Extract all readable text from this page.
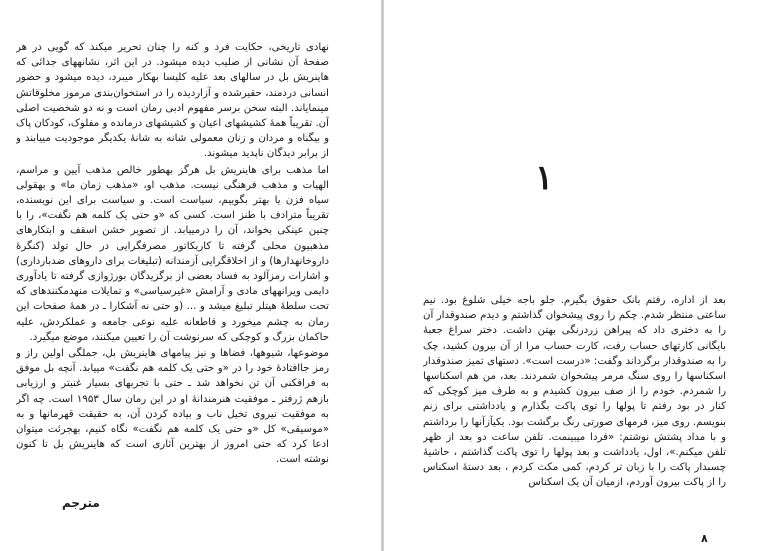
نهادی تاریخی، حکایت فرد و کنه را چنان تحریر میکند که گویی در هر صفحهٔ آن نشانی از صلیب دیده میشود. در این اثر، نشانههای جدائی که هاینریش بل در سالهای بعد علیه کلیسا بهکار میبرد، دیده میشود و حضور انسانی دردمند، حقیرشده و آزاردیده را در استخوان‌بندی مرموز مخلوقاتش مینمایاند. البته سخن برسر مفهوم ادبی رمان است و نه دو شخصیت اصلی آن. تقریباً همهٔ کشیشهای اعیان و کشیشهای درمانده و مفلوک، کودکان پاک و بیگناه و مردان و زنان معمولی شانه به شانهٔ یکدیگر موجودیت مییابند و از برابر دیدگان ناپدید میشوند.

اما مذهب برای هاینریش بل هرگز بهطور خالص مذهب آیین و مراسم، الهیات و مذهب فرهنگی نیست. مذهب او، «مذهب زمان ما» و بهقولی سیاه فزن یا بهتر بگوییم، سیاست است. و سیاست برای این نویسنده، تقریباً مترادف با طنز است. کسی که «و حتی یک کلمه هم نگفت»، را با چنین عینکی بخواند، آن را درمییابد. از تصویر خشن اسقف و ابتکارهای مذهبیون محلی گرفته تا کاریکاتور مصرفگرایی در حال تولد (کنگرهٔ داروخانهدارها) و از اخلاقگرایی آزمندانه (تبلیغات برای داروهای ضدبارداری) و اشارات رمزآلود به فساد بعضی از برگزیدگان بورژوازی گرفته تا یادآوری دایمی ویرانههای مادی و آرامش «غیرسیاسی» و تمایلات منهدمکنندهای که تحت سلطهٔ هیتلر تبلیغ میشد و ... (و حتی نه آشکارا ـ در همهٔ صفحات این رمان به چشم میخورد و قاطعانه علیه نوعی جامعه و عملکردش، علیه حاکمان بزرگ و کوچکی که سرنوشت آن را تعیین میکنند، موضع میگیرد.

موضوعها، شیوهها، فضاها و نیز پیامهای هاینریش بل، جملگی اولین راز و رمز جاافتادهٔ خود را در «و حتی یک کلمه هم نگفت» مییابد. آنچه بل موفق به فرافکنی آن تن نخواهد شد ـ حتی با تجربهای بسیار غنیتر و ارزیابی بازهم ژرفتر ـ موفقیت هنرمندانهٔ او در این رمان سال ۱۹۵۳ است. چه اگر به موفقیت نیروی تخیل ناب و بیاده کردن آن، به حقیقت قهرمانها و به «موسیقی» کل «و حتی یک کلمه هم نگفت» نگاه کنیم، بهجرئت میتوان ادعا کرد که حتی امروز از بهترین آثاری است که هاینریش بل تا کنون نوشته است.

مترجم
۱

بعد از اداره، رفتم بانک حقوق بگیرم. جلو باجه خیلی شلوغ بود. نیم ساعتی منتظر شدم. چکم را روی پیشخوان گذاشتم و دیدم صندوقدار آن را به دختری داد که پیراهن زردرنگی بهتن داشت. دختر سراغ جعبهٔ بایگانی کارتهای حساب رفت، کارت حساب مرا از آن بیرون کشید، چک را به صندوقدار برگرداند وگفت: «درست است». دستهای تمیز صندوقدار اسکناسها را روی سنگ مرمر پیشخوان شمردند. بعد، من هم اسکناسها را شمردم. خودم را از صف بیرون کشیدم و به طرف میز کوچکی که کنار در بود رفتم تا پولها را توی پاکت بگذارم و یادداشتی برای زنم بنویسم. روی میز، فرمهای صورتی رنگ برگشت بود. یکیآزآنها را برداشتم و با مداد پشتش نوشتم: «فردا میبینمت. تلفن ساعت دو بعد از ظهر تلفن میکنم.»، اول، یادداشت و بعد پولها را توی پاکت گذاشتم ، حاشیهٔ چسبدار پاکت را با زبان تر کردم، کمی مکث کردم ، بعد دستهٔ اسکناس را از پاکت بیرون آوردم، ازمیان آن یک اسکناس

۸
